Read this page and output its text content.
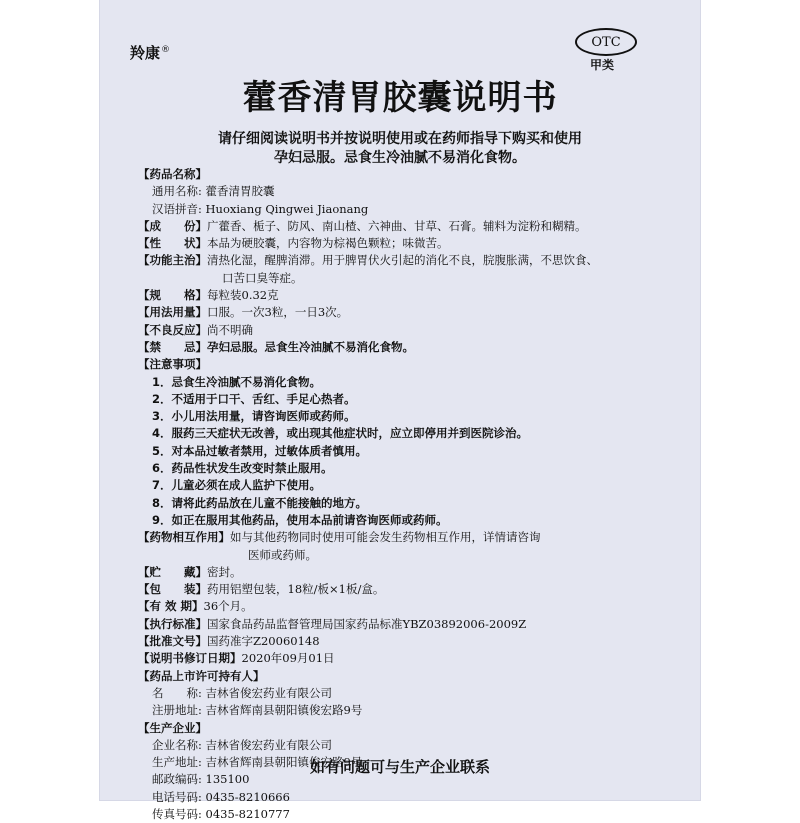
羚康®
OTC
甲类
藿香清胃胶囊说明书
请仔细阅读说明书并按说明使用或在药师指导下购买和使用
孕妇忌服。忌食生冷油腻不易消化食物。
【药品名称】
通用名称: 藿香清胃胶囊
汉语拼音: Huoxiang Qingwei Jiaonang
【成　　份】广藿香、栀子、防风、南山楂、六神曲、甘草、石膏。辅料为淀粉和糊精。
【性　　状】本品为硬胶囊，内容物为棕褐色颗粒；味微苦。
【功能主治】清热化湿，醒脾消滞。用于脾胃伏火引起的消化不良，脘腹胀满，不思饮食、
口苦口臭等症。
【规　　格】每粒装0.32克
【用法用量】口服。一次3粒，一日3次。
【不良反应】尚不明确
【禁　　忌】孕妇忌服。忌食生冷油腻不易消化食物。
【注意事项】
1．忌食生冷油腻不易消化食物。
2．不适用于口干、舌红、手足心热者。
3．小儿用法用量，请咨询医师或药师。
4．服药三天症状无改善，或出现其他症状时，应立即停用并到医院诊治。
5．对本品过敏者禁用，过敏体质者慎用。
6．药品性状发生改变时禁止服用。
7．儿童必须在成人监护下使用。
8．请将此药品放在儿童不能接触的地方。
9．如正在服用其他药品，使用本品前请咨询医师或药师。
【药物相互作用】如与其他药物同时使用可能会发生药物相互作用，详情请咨询
医师或药师。
【贮　　藏】密封。
【包　　装】药用铝塑包装，18粒/板×1板/盒。
【有 效 期】36个月。
【执行标准】国家食品药品监督管理局国家药品标准YBZ03892006-2009Z
【批准文号】国药准字Z20060148
【说明书修订日期】2020年09月01日
【药品上市许可持有人】
名　　称: 吉林省俊宏药业有限公司
注册地址: 吉林省辉南县朝阳镇俊宏路9号
【生产企业】
企业名称: 吉林省俊宏药业有限公司
生产地址: 吉林省辉南县朝阳镇俊宏路9号
邮政编码: 135100
电话号码: 0435-8210666
传真号码: 0435-8210777
如有问题可与生产企业联系
